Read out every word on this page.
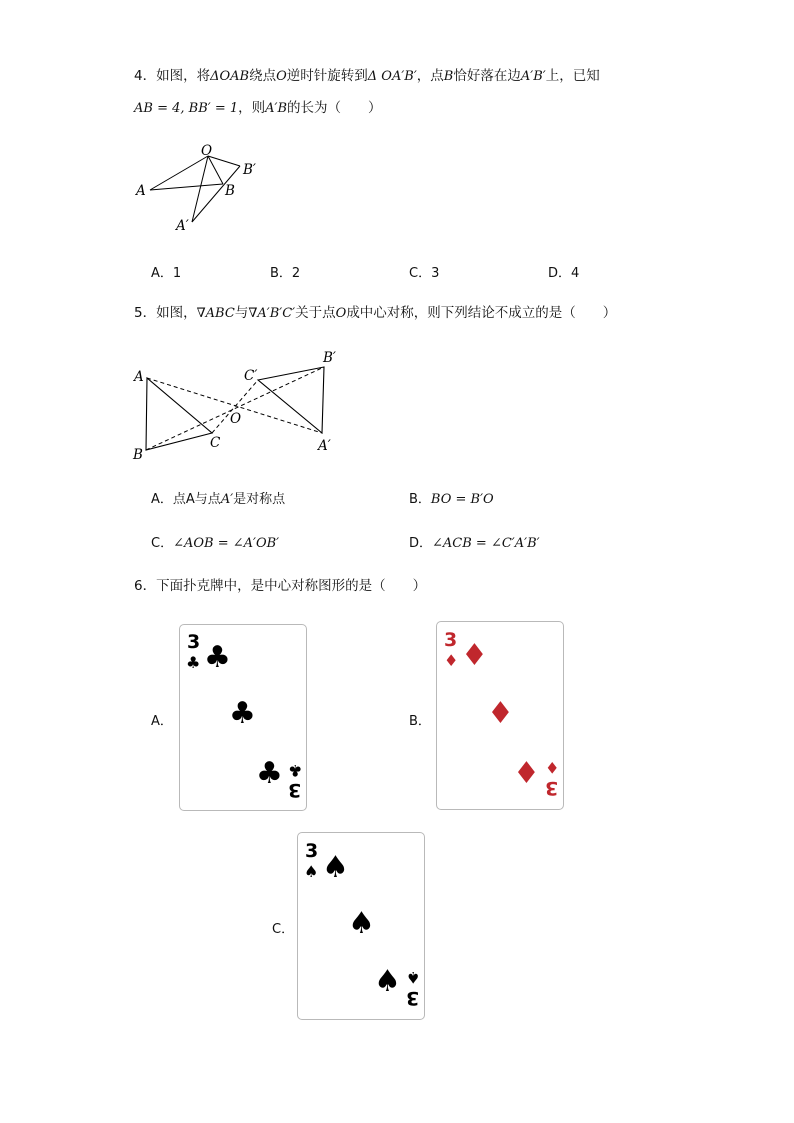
4．如图，将ΔOAB绕点O逆时针旋转到Δ OA′B′，点B恰好落在边A′B′上，已知
AB = 4, BB′ = 1，则A′B的长为（　　）
O
A	B
B′
A′
A．1	B．2	C．3	D．4
5．如图，∇ABC与∇A′B′C′关于点O成中心对称，则下列结论不成立的是（　　）
A
B
C
O
A′
B′
C′
A．点A与点A′是对称点	B．BO = B′O
C．∠AOB = ∠A′OB′	D．∠ACB = ∠C′A′B′
6．下面扑克牌中，是中心对称图形的是（　　）
A．
3
♣ ♣
♣
♣ ♣
3
B．
3
♦ ♦
♦
♦ ♦
3
C．
3
♠ ♠
♠
♠ ♠
3
